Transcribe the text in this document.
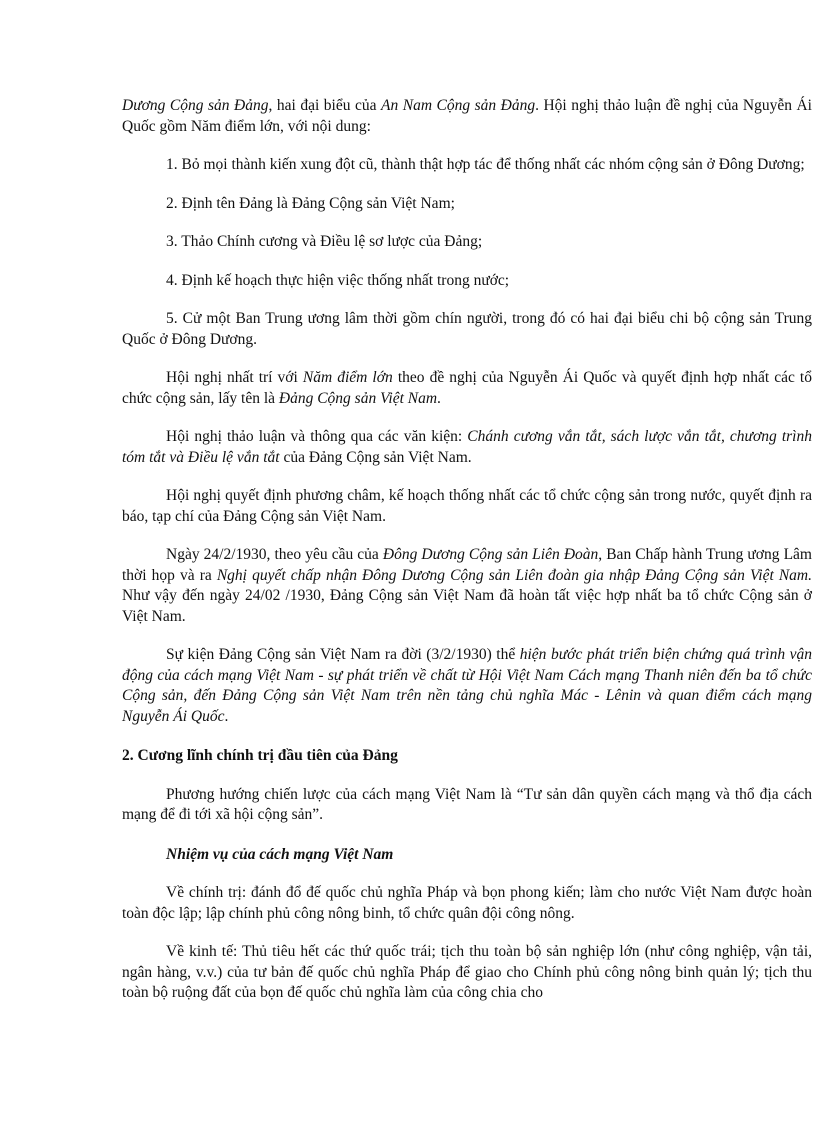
Dương Cộng sản Đảng, hai đại biểu của An Nam Cộng sản Đảng. Hội nghị thảo luận đề nghị của Nguyễn Ái Quốc gồm Năm điểm lớn, với nội dung:

1. Bỏ mọi thành kiến xung đột cũ, thành thật hợp tác để thống nhất các nhóm cộng sản ở Đông Dương;

2. Định tên Đảng là Đảng Cộng sản Việt Nam;

3. Thảo Chính cương và Điều lệ sơ lược của Đảng;

4. Định kế hoạch thực hiện việc thống nhất trong nước;

5. Cử một Ban Trung ương lâm thời gồm chín người, trong đó có hai đại biểu chi bộ cộng sản Trung Quốc ở Đông Dương.

Hội nghị nhất trí với Năm điểm lớn theo đề nghị của Nguyễn Ái Quốc và quyết định hợp nhất các tổ chức cộng sản, lấy tên là Đảng Cộng sản Việt Nam.

Hội nghị thảo luận và thông qua các văn kiện: Chánh cương vắn tắt, sách lược vắn tắt, chương trình tóm tắt và Điều lệ vắn tắt của Đảng Cộng sản Việt Nam.

Hội nghị quyết định phương châm, kế hoạch thống nhất các tổ chức cộng sản trong nước, quyết định ra báo, tạp chí của Đảng Cộng sản Việt Nam.

Ngày 24/2/1930, theo yêu cầu của Đông Dương Cộng sản Liên Đoàn, Ban Chấp hành Trung ương Lâm thời họp và ra Nghị quyết chấp nhận Đông Dương Cộng sản Liên đoàn gia nhập Đảng Cộng sản Việt Nam. Như vậy đến ngày 24/02 /1930, Đảng Cộng sản Việt Nam đã hoàn tất việc hợp nhất ba tổ chức Cộng sản ở Việt Nam.

Sự kiện Đảng Cộng sản Việt Nam ra đời (3/2/1930) thể hiện bước phát triển biện chứng quá trình vận động của cách mạng Việt Nam - sự phát triển về chất từ Hội Việt Nam Cách mạng Thanh niên đến ba tổ chức Cộng sản, đến Đảng Cộng sản Việt Nam trên nền tảng chủ nghĩa Mác - Lênin và quan điểm cách mạng Nguyễn Ái Quốc.

2. Cương lĩnh chính trị đầu tiên của Đảng

Phương hướng chiến lược của cách mạng Việt Nam là “Tư sản dân quyền cách mạng và thổ địa cách mạng để đi tới xã hội cộng sản”.

Nhiệm vụ của cách mạng Việt Nam

Về chính trị: đánh đổ đế quốc chủ nghĩa Pháp và bọn phong kiến; làm cho nước Việt Nam được hoàn toàn độc lập; lập chính phủ công nông binh, tổ chức quân đội công nông.

Về kinh tế: Thủ tiêu hết các thứ quốc trái; tịch thu toàn bộ sản nghiệp lớn (như công nghiệp, vận tải, ngân hàng, v.v.) của tư bản đế quốc chủ nghĩa Pháp để giao cho Chính phủ công nông binh quản lý; tịch thu toàn bộ ruộng đất của bọn đế quốc chủ nghĩa làm của công chia cho
